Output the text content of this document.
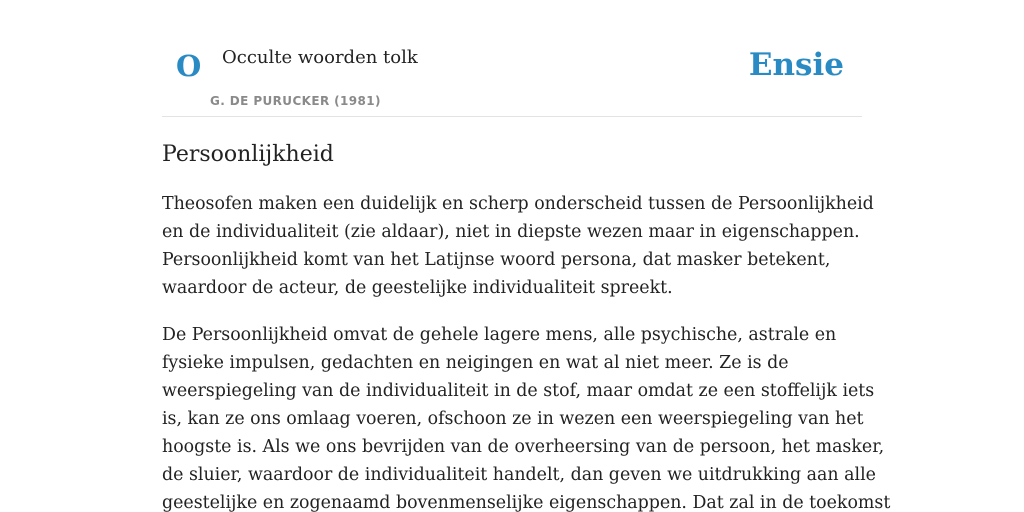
O Occulte woorden tolk
G. DE PURUCKER (1981)
Ensie
Persoonlijkheid
Theosofen maken een duidelijk en scherp onderscheid tussen de Persoonlijkheid
en de individualiteit (zie aldaar), niet in diepste wezen maar in eigenschappen.
Persoonlijkheid komt van het Latijnse woord persona, dat masker betekent,
waardoor de acteur, de geestelijke individualiteit spreekt.
De Persoonlijkheid omvat de gehele lagere mens, alle psychische, astrale en
fysieke impulsen, gedachten en neigingen en wat al niet meer. Ze is de
weerspiegeling van de individualiteit in de stof, maar omdat ze een stoffelijk iets
is, kan ze ons omlaag voeren, ofschoon ze in wezen een weerspiegeling van het
hoogste is. Als we ons bevrijden van de overheersing van de persoon, het masker,
de sluier, waardoor de individualiteit handelt, dan geven we uitdrukking aan alle
geestelijke en zogenaamd bovenmenselijke eigenschappen. Dat zal in de toekomst
